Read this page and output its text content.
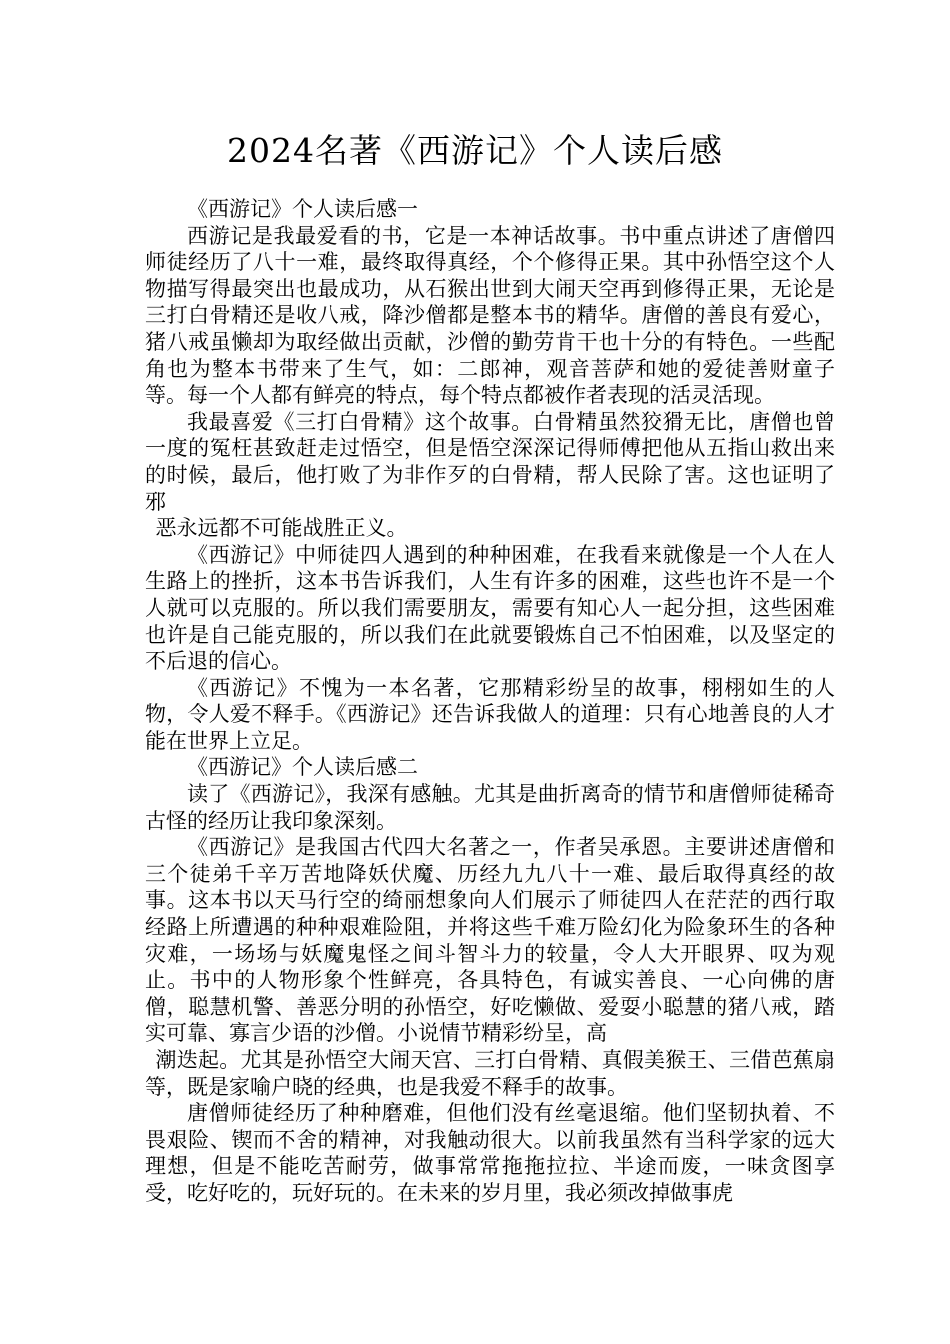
2024名著《西游记》个人读后感

《西游记》个人读后感一

西游记是我最爱看的书，它是一本神话故事。书中重点讲述了唐僧四师徒经历了八十一难，最终取得真经，个个修得正果。其中孙悟空这个人物描写得最突出也最成功，从石猴出世到大闹天空再到修得正果，无论是三打白骨精还是收八戒，降沙僧都是整本书的精华。唐僧的善良有爱心，猪八戒虽懒却为取经做出贡献，沙僧的勤劳肯干也十分的有特色。一些配角也为整本书带来了生气，如：二郎神，观音菩萨和她的爱徒善财童子等。每一个人都有鲜亮的特点，每个特点都被作者表现的活灵活现。

我最喜爱《三打白骨精》这个故事。白骨精虽然狡猾无比，唐僧也曾一度的冤枉甚致赶走过悟空，但是悟空深深记得师傅把他从五指山救出来的时候，最后，他打败了为非作歹的白骨精，帮人民除了害。这也证明了邪

恶永远都不可能战胜正义。

《西游记》中师徒四人遇到的种种困难，在我看来就像是一个人在人生路上的挫折，这本书告诉我们，人生有许多的困难，这些也许不是一个人就可以克服的。所以我们需要朋友，需要有知心人一起分担，这些困难也许是自己能克服的，所以我们在此就要锻炼自己不怕困难，以及坚定的不后退的信心。

《西游记》不愧为一本名著，它那精彩纷呈的故事，栩栩如生的人物，令人爱不释手。《西游记》还告诉我做人的道理：只有心地善良的人才能在世界上立足。

《西游记》个人读后感二

读了《西游记》，我深有感触。尤其是曲折离奇的情节和唐僧师徒稀奇古怪的经历让我印象深刻。

《西游记》是我国古代四大名著之一，作者吴承恩。主要讲述唐僧和三个徒弟千辛万苦地降妖伏魔、历经九九八十一难、最后取得真经的故事。这本书以天马行空的绮丽想象向人们展示了师徒四人在茫茫的西行取经路上所遭遇的种种艰难险阻，并将这些千难万险幻化为险象环生的各种灾难，一场场与妖魔鬼怪之间斗智斗力的较量，令人大开眼界、叹为观止。书中的人物形象个性鲜亮，各具特色，有诚实善良、一心向佛的唐僧，聪慧机警、善恶分明的孙悟空，好吃懒做、爱耍小聪慧的猪八戒，踏实可靠、寡言少语的沙僧。小说情节精彩纷呈，高

潮迭起。尤其是孙悟空大闹天宫、三打白骨精、真假美猴王、三借芭蕉扇等，既是家喻户晓的经典，也是我爱不释手的故事。

唐僧师徒经历了种种磨难，但他们没有丝毫退缩。他们坚韧执着、不畏艰险、锲而不舍的精神，对我触动很大。以前我虽然有当科学家的远大理想，但是不能吃苦耐劳，做事常常拖拖拉拉、半途而废，一味贪图享受，吃好吃的，玩好玩的。在未来的岁月里，我必须改掉做事虎
